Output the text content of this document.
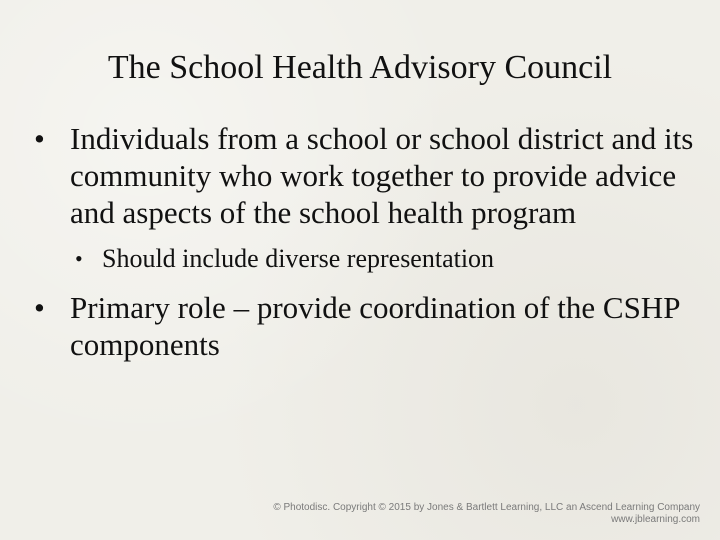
The School Health Advisory Council
• Individuals from a school or school district and its community who work together to provide advice and aspects of the school health program
• Should include diverse representation
• Primary role – provide coordination of the CSHP components
© Photodisc. Copyright © 2015 by Jones & Bartlett Learning, LLC an Ascend Learning Company
www.jblearning.com
